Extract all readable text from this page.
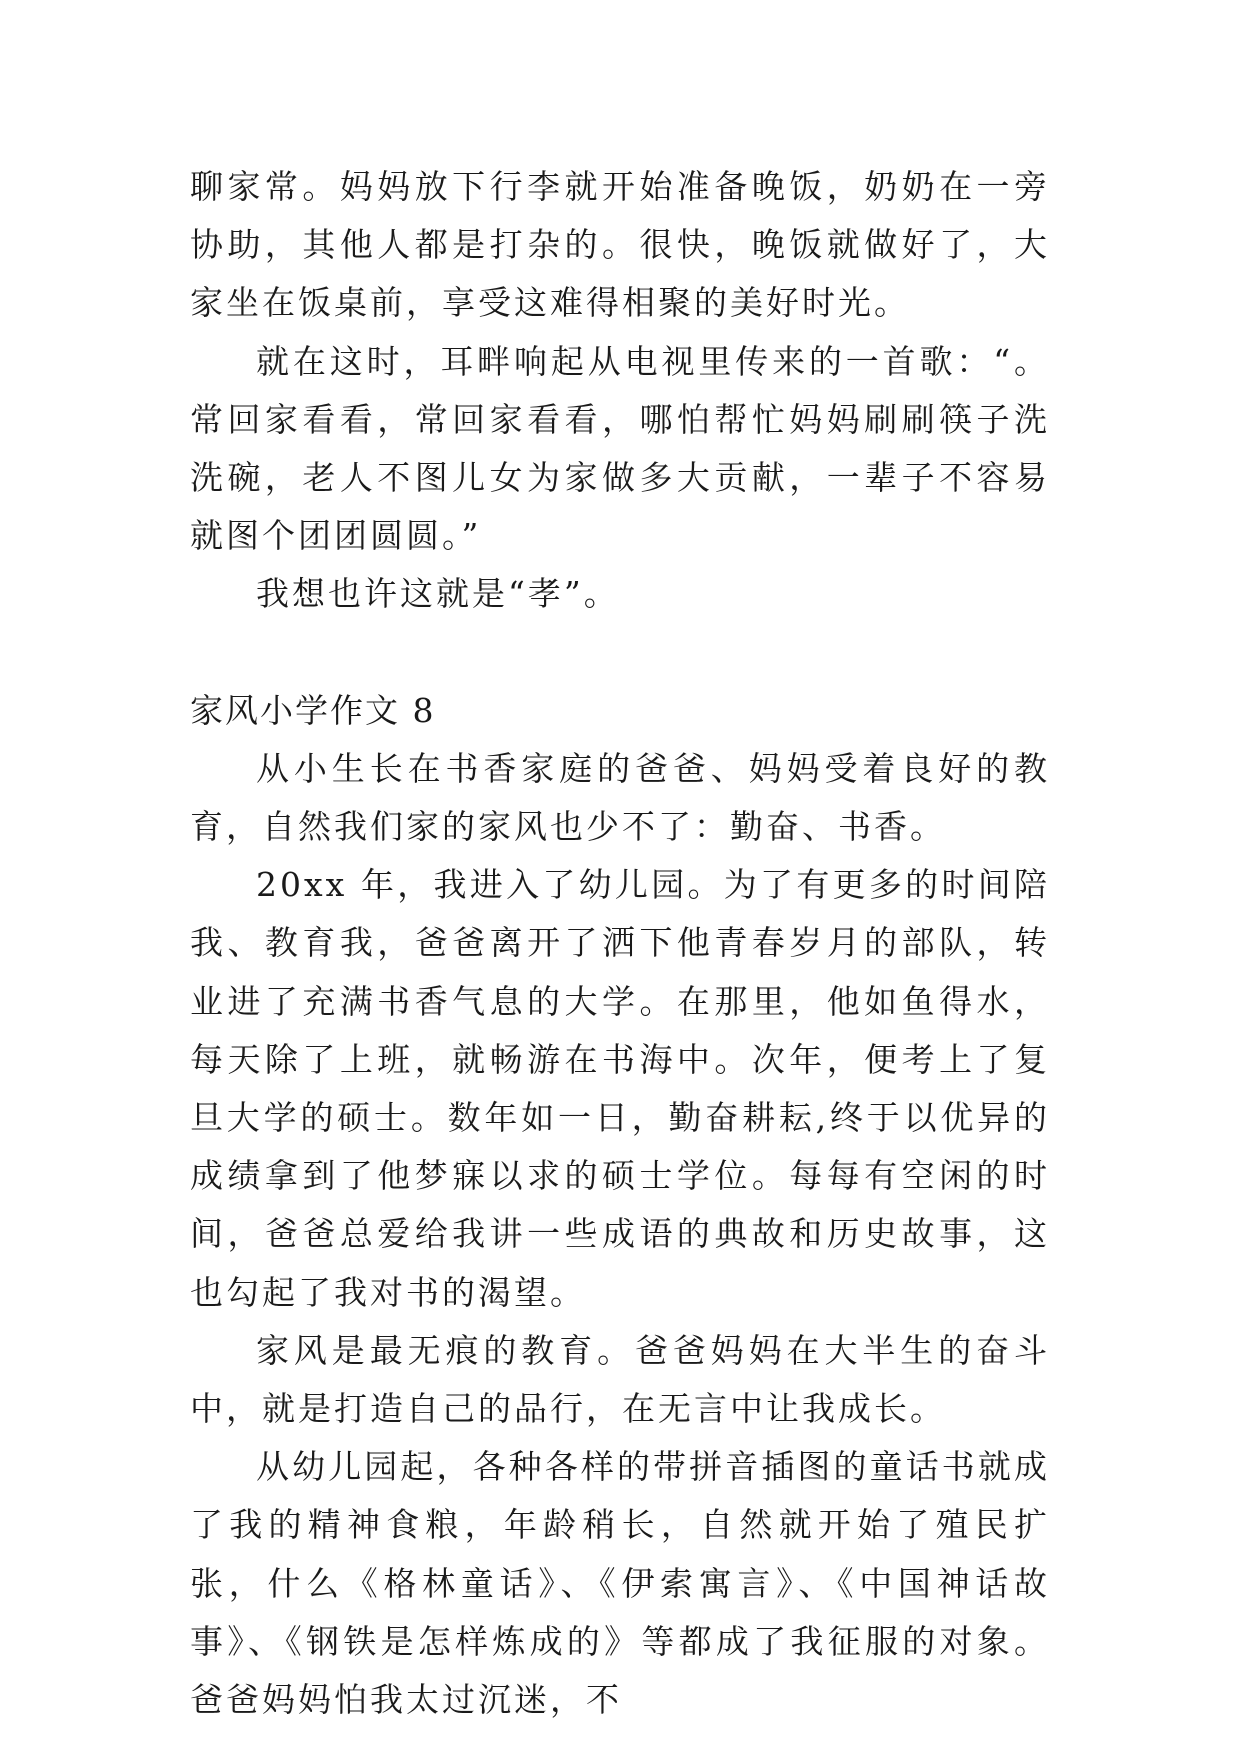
聊家常。妈妈放下行李就开始准备晚饭，奶奶在一旁协助，其他人都是打杂的。很快，晚饭就做好了，大家坐在饭桌前，享受这难得相聚的美好时光。

就在这时，耳畔响起从电视里传来的一首歌：“。常回家看看，常回家看看，哪怕帮忙妈妈刷刷筷子洗洗碗，老人不图儿女为家做多大贡献，一辈子不容易就图个团团圆圆。”

我想也许这就是“孝”。

家风小学作文 8

从小生长在书香家庭的爸爸、妈妈受着良好的教育，自然我们家的家风也少不了：勤奋、书香。

20xx 年，我进入了幼儿园。为了有更多的时间陪我、教育我，爸爸离开了洒下他青春岁月的部队，转业进了充满书香气息的大学。在那里，他如鱼得水，每天除了上班，就畅游在书海中。次年，便考上了复旦大学的硕士。数年如一日，勤奋耕耘,终于以优异的成绩拿到了他梦寐以求的硕士学位。每每有空闲的时间，爸爸总爱给我讲一些成语的典故和历史故事，这也勾起了我对书的渴望。

家风是最无痕的教育。爸爸妈妈在大半生的奋斗中，就是打造自己的品行，在无言中让我成长。

从幼儿园起，各种各样的带拼音插图的童话书就成了我的精神食粮，年龄稍长，自然就开始了殖民扩张，什么《格林童话》、《伊索寓言》、《中国神话故事》、《钢铁是怎样炼成的》等都成了我征服的对象。爸爸妈妈怕我太过沉迷，不
